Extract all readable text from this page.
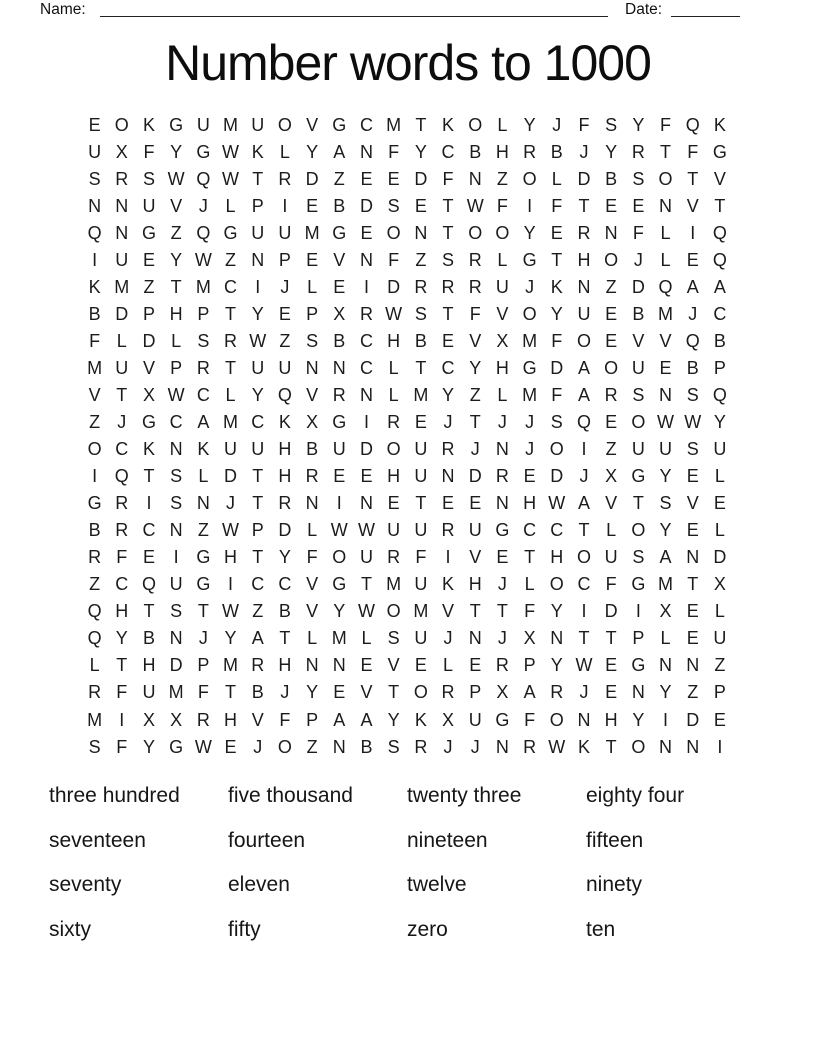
Name:	Date:
Number words to 1000
E O K G U M U O V G C M T K O L Y J F S Y F Q K
U X F Y G W K L Y A N F Y C B H R B J Y R T F G
S R S W Q W T R D Z E E D F N Z O L D B S O T V
N N U V J L P	I	E B D S E T W F	I	F T E E N V T
Q N G Z Q G U U M G E O N T O O Y E R N F L	I Q
I	U E Y W Z N P E V N F Z S R L G T H O J L E Q
K M Z T M C	I	J L E	I	D R R R U J K N Z D Q A A
B D P H P T Y E P X R W S T F V O Y U E B M J C
F L D L S R W Z S B C H B E V X M F O E V V Q B
M U V P R T U U N N C L T C Y H G D A O U E B P
V T X W C L Y Q V R N L M Y Z L M F A R S N S Q
Z J G C A M C K X G I	R E J T J	J S Q E O W W Y
O C K N K U U H B U D O U R J N J O I	Z U U S U
I Q T S L D T H R E E H U N D R E D J X G Y E L
G R	I	S N J T R N	I	N E T E E N H W A V T S V E
B R C N Z W P D L W W U U R U G C C T L O Y E L
R F E	I G H T Y F O U R F	I	V E T H O U S A N D
Z C Q U G I	C C V G T M U K H J L O C F G M T X
Q H T S T W Z B V Y W O M V T T F Y	I	D	I	X E L
Q Y B N J Y A T L M L S U J N J X N T T P L E U
L T H D P M R H N N E V E L E R P Y W E G N N Z
R F U M F T B J Y E V T O R P X A R J E N Y Z P
M I	X X R H V F P A A Y K X U G F O N H Y	I	D E
S F Y G W E J O Z N B S R J	J N R W K T O N N	I
three hundred	five thousand	twenty three	eighty four
seventeen	fourteen	nineteen	fifteen
seventy	eleven	twelve	ninety
sixty	fifty	zero	ten
